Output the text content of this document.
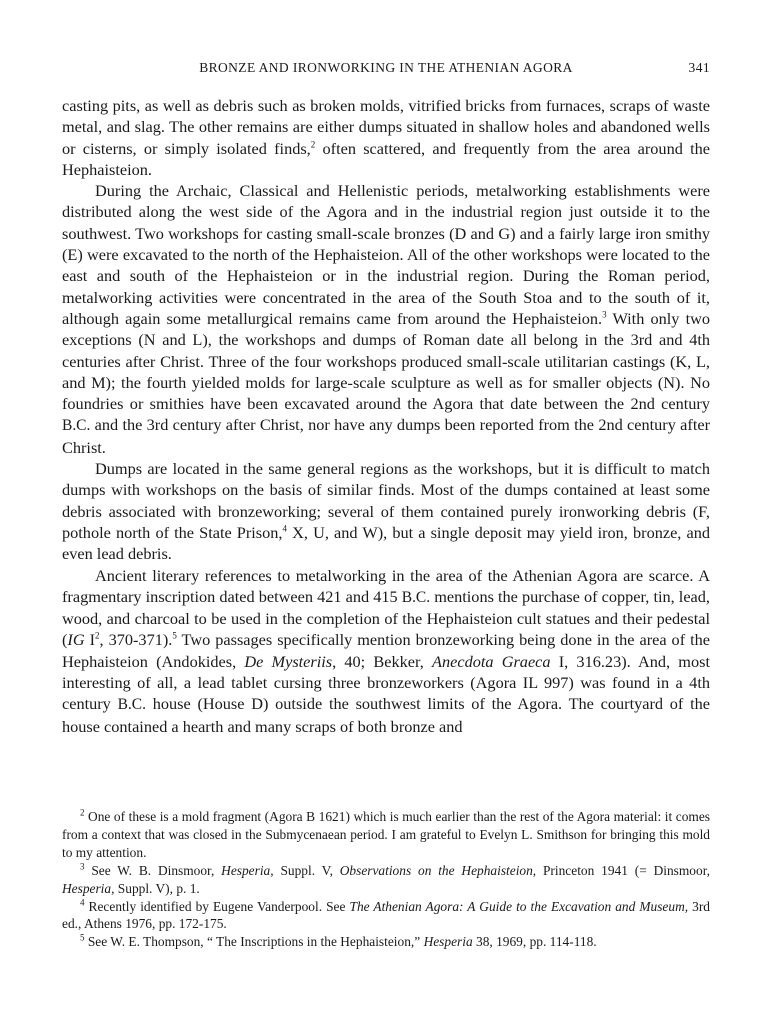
BRONZE AND IRONWORKING IN THE ATHENIAN AGORA	341

casting pits, as well as debris such as broken molds, vitrified bricks from furnaces, scraps of waste metal, and slag. The other remains are either dumps situated in shallow holes and abandoned wells or cisterns, or simply isolated finds,$^2$ often scattered, and frequently from the area around the Hephaisteion.

During the Archaic, Classical and Hellenistic periods, metalworking establishments were distributed along the west side of the Agora and in the industrial region just outside it to the southwest. Two workshops for casting small-scale bronzes (D and G) and a fairly large iron smithy (E) were excavated to the north of the Hephaisteion. All of the other workshops were located to the east and south of the Hephaisteion or in the industrial region. During the Roman period, metalworking activities were concentrated in the area of the South Stoa and to the south of it, although again some metallurgical remains came from around the Hephaisteion.$^3$ With only two exceptions (N and L), the workshops and dumps of Roman date all belong in the 3rd and 4th centuries after Christ. Three of the four workshops produced small-scale utilitarian castings (K, L, and M); the fourth yielded molds for large-scale sculpture as well as for smaller objects (N). No foundries or smithies have been excavated around the Agora that date between the 2nd century B.C. and the 3rd century after Christ, nor have any dumps been reported from the 2nd century after Christ.

Dumps are located in the same general regions as the workshops, but it is difficult to match dumps with workshops on the basis of similar finds. Most of the dumps contained at least some debris associated with bronzeworking; several of them contained purely ironworking debris (F, pothole north of the State Prison,$^4$ X, U, and W), but a single deposit may yield iron, bronze, and even lead debris.

Ancient literary references to metalworking in the area of the Athenian Agora are scarce. A fragmentary inscription dated between 421 and 415 B.C. mentions the purchase of copper, tin, lead, wood, and charcoal to be used in the completion of the Hephaisteion cult statues and their pedestal (IG $I^2$, 370-371).$^5$ Two passages specifically mention bronzeworking being done in the area of the Hephaisteion (Andokides, De Mysteriis, 40; Bekker, Anecdota Graeca I, 316.23). And, most interesting of all, a lead tablet cursing three bronzeworkers (Agora IL 997) was found in a 4th century B.C. house (House D) outside the southwest limits of the Agora. The courtyard of the house contained a hearth and many scraps of both bronze and

$^2$ One of these is a mold fragment (Agora B 1621) which is much earlier than the rest of the Agora material: it comes from a context that was closed in the Submycenaean period. I am grateful to Evelyn L. Smithson for bringing this mold to my attention.

$^3$ See W. B. Dinsmoor, Hesperia, Suppl. V, Observations on the Hephaisteion, Princeton 1941 (= Dinsmoor, Hesperia, Suppl. V), p. 1.

$^4$ Recently identified by Eugene Vanderpool. See The Athenian Agora: A Guide to the Excavation and Museum, 3rd ed., Athens 1976, pp. 172-175.

$^5$ See W. E. Thompson, “ The Inscriptions in the Hephaisteion,” Hesperia 38, 1969, pp. 114-118.
